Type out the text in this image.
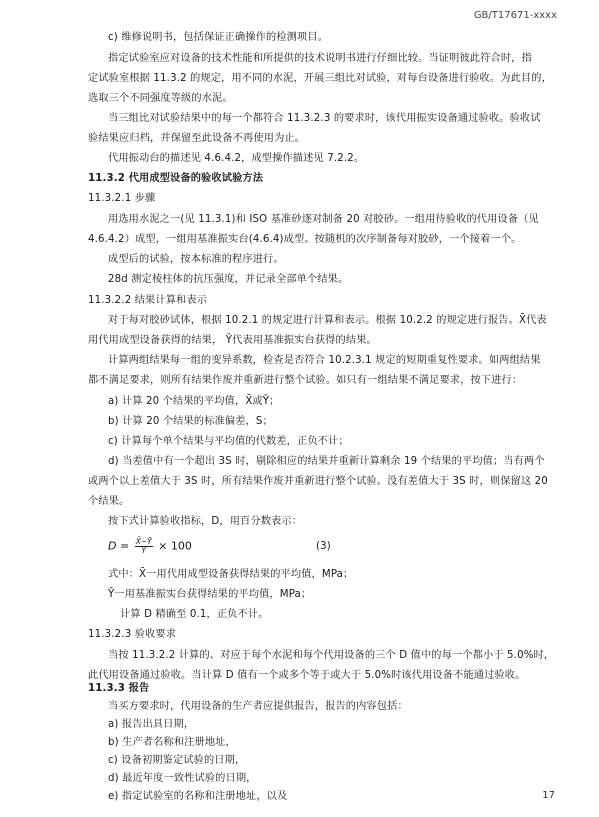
GB/T17671-xxxx
c) 维修说明书，包括保证正确操作的检测项目。
指定试验室应对设备的技术性能和所提供的技术说明书进行仔细比较。当证明彼此符合时，指
定试验室根据 11.3.2 的规定，用不同的水泥，开展三组比对试验，对每台设备进行验收。为此目的，
选取三个不同强度等级的水泥。
当三组比对试验结果中的每一个都符合 11.3.2.3 的要求时，该代用振实设备通过验收。验收试
验结果应归档，并保留至此设备不再使用为止。
代用振动台的描述见 4.6.4.2，成型操作描述见 7.2.2。
11.3.2 代用成型设备的验收试验方法
11.3.2.1 步骤
用选用水泥之一(见 11.3.1)和 ISO 基准砂逐对制备 20 对胶砂。一组用待验收的代用设备（见
4.6.4.2）成型，一组用基准振实台(4.6.4)成型。按随机的次序制备每对胶砂，一个接着一个。
成型后的试验，按本标准的程序进行。
28d 测定棱柱体的抗压强度，并记录全部单个结果。
11.3.2.2 结果计算和表示
对于每对胶砂试体，根据 10.2.1 的规定进行计算和表示。根据 10.2.2 的规定进行报告。X̄代表
用代用成型设备获得的结果， Ȳ代表用基准振实台获得的结果。
计算两组结果每一组的变异系数，检查是否符合 10.2.3.1 规定的短期重复性要求。如两组结果
都不满足要求，则所有结果作废并重新进行整个试验。如只有一组结果不满足要求，按下进行：
a) 计算 20 个结果的平均值，X̄或Ȳ；
b) 计算 20 个结果的标准偏差，S；
c) 计算每个单个结果与平均值的代数差，正负不计；
d) 当差值中有一个超出 3S 时，剔除相应的结果并重新计算剩余 19 个结果的平均值；当有两个
或两个以上差值大于 3S 时，所有结果作废并重新进行整个试验。没有差值大于 3S 时，则保留这 20
个结果。
按下式计算验收指标，D，用百分数表示：
$D = \frac{X̄-Ȳ}{Ȳ} \times 100$	(3)
式中：X̄一用代用成型设备获得结果的平均值，MPa；
Ȳ一用基准振实台获得结果的平均值，MPa；
计算 D 精确至 0.1，正负不计。
11.3.2.3 验收要求
当按 11.3.2.2 计算的、对应于每个水泥和每个代用设备的三个 D 值中的每一个都小于 5.0%时，
此代用设备通过验收。当计算 D 值有一个或多个等于或大于 5.0%时该代用设备不能通过验收。
11.3.3 报告
当买方要求时，代用设备的生产者应提供报告，报告的内容包括：
a) 报告出具日期，
b) 生产者名称和注册地址，
c) 设备初期鉴定试验的日期，
d) 最近年度一致性试验的日期，
e) 指定试验室的名称和注册地址，以及	17
